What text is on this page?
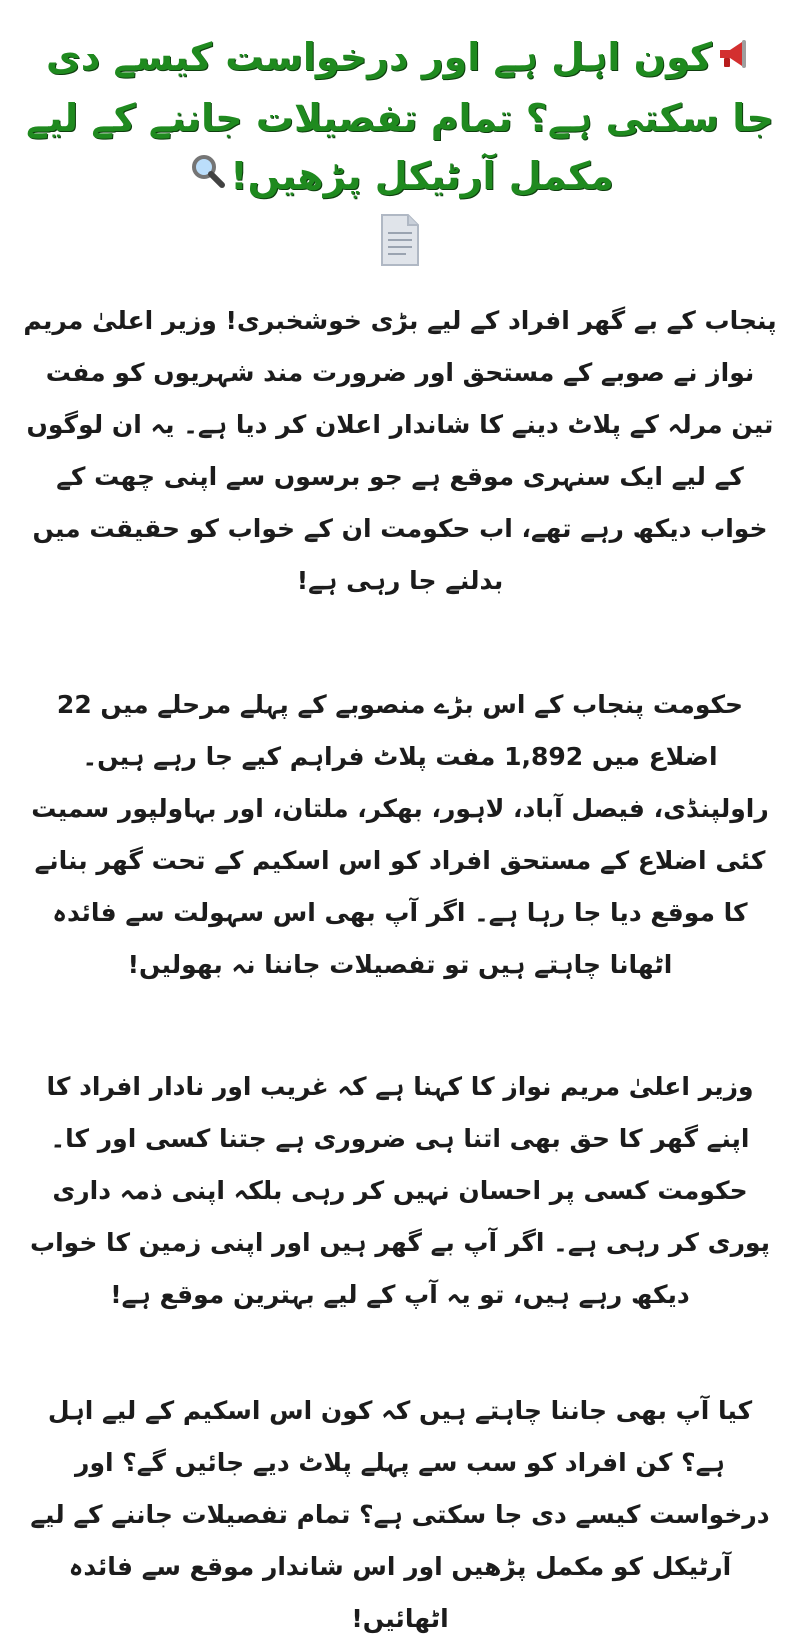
کون اہل ہے اور درخواست کیسے دی جا سکتی ہے؟ تمام تفصیلات جاننے کے لیے مکمل آرٹیکل پڑھیں!

پنجاب کے بے گھر افراد کے لیے بڑی خوشخبری! وزیر اعلیٰ مریم نواز نے صوبے کے مستحق اور ضرورت مند شہریوں کو مفت تین مرلہ کے پلاٹ دینے کا شاندار اعلان کر دیا ہے۔ یہ ان لوگوں کے لیے ایک سنہری موقع ہے جو برسوں سے اپنی چھت کے خواب دیکھ رہے تھے، اب حکومت ان کے خواب کو حقیقت میں بدلنے جا رہی ہے!

حکومت پنجاب کے اس بڑے منصوبے کے پہلے مرحلے میں 22 اضلاع میں 1,892 مفت پلاٹ فراہم کیے جا رہے ہیں۔ راولپنڈی، فیصل آباد، لاہور، بھکر، ملتان، اور بہاولپور سمیت کئی اضلاع کے مستحق افراد کو اس اسکیم کے تحت گھر بنانے کا موقع دیا جا رہا ہے۔ اگر آپ بھی اس سہولت سے فائدہ اٹھانا چاہتے ہیں تو تفصیلات جاننا نہ بھولیں!

وزیر اعلیٰ مریم نواز کا کہنا ہے کہ غریب اور نادار افراد کا اپنے گھر کا حق بھی اتنا ہی ضروری ہے جتنا کسی اور کا۔ حکومت کسی پر احسان نہیں کر رہی بلکہ اپنی ذمہ داری پوری کر رہی ہے۔ اگر آپ بے گھر ہیں اور اپنی زمین کا خواب دیکھ رہے ہیں، تو یہ آپ کے لیے بہترین موقع ہے!

کیا آپ بھی جاننا چاہتے ہیں کہ کون اس اسکیم کے لیے اہل ہے؟ کن افراد کو سب سے پہلے پلاٹ دیے جائیں گے؟ اور درخواست کیسے دی جا سکتی ہے؟ تمام تفصیلات جاننے کے لیے آرٹیکل کو مکمل پڑھیں اور اس شاندار موقع سے فائدہ اٹھائیں!
